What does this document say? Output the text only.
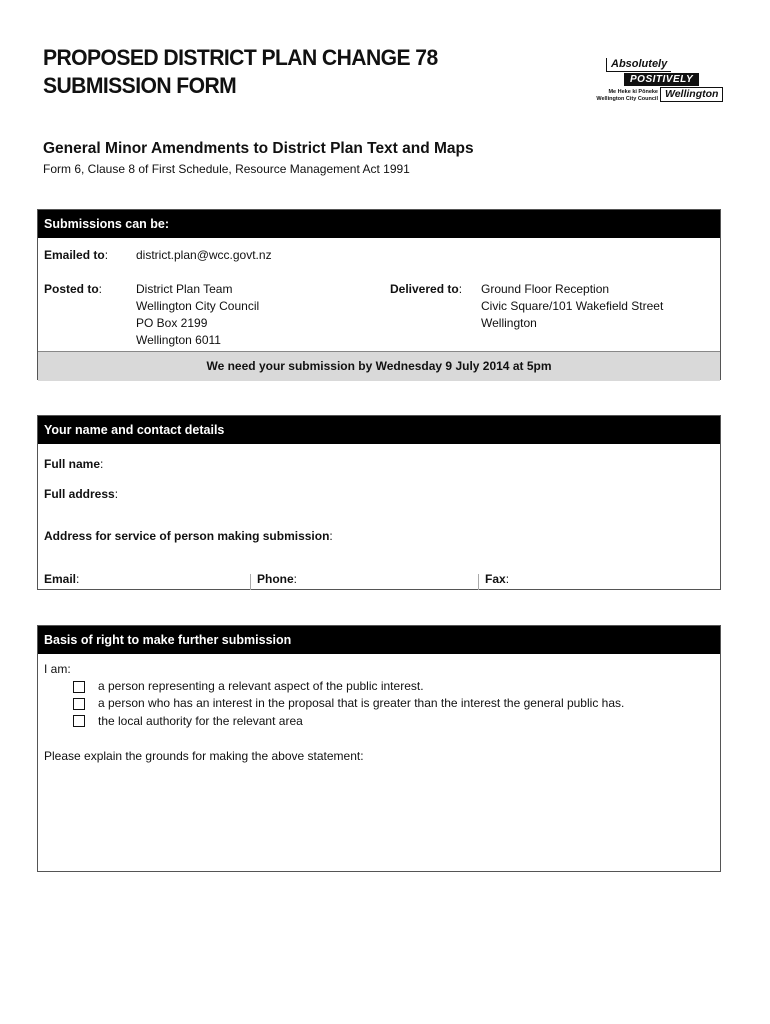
PROPOSED DISTRICT PLAN CHANGE 78
SUBMISSION FORM
Absolutely
POSITIVELY
Me Heke ki Pōneke
Wellington City Council Wellington
General Minor Amendments to District Plan Text and Maps
Form 6, Clause 8 of First Schedule, Resource Management Act 1991
Submissions can be:
Emailed to: district.plan@wcc.govt.nz
Posted to:	District Plan Team
Wellington City Council
PO Box 2199
Wellington 6011
Delivered to: Ground Floor Reception
Civic Square/101 Wakefield Street
Wellington
We need your submission by Wednesday 9 July 2014 at 5pm
Your name and contact details
Full name:
Full address:
Address for service of person making submission:
Email:	Phone:	Fax:
Basis of right to make further submission
I am:
a person representing a relevant aspect of the public interest.
a person who has an interest in the proposal that is greater than the interest the general public has.
the local authority for the relevant area
Please explain the grounds for making the above statement:
